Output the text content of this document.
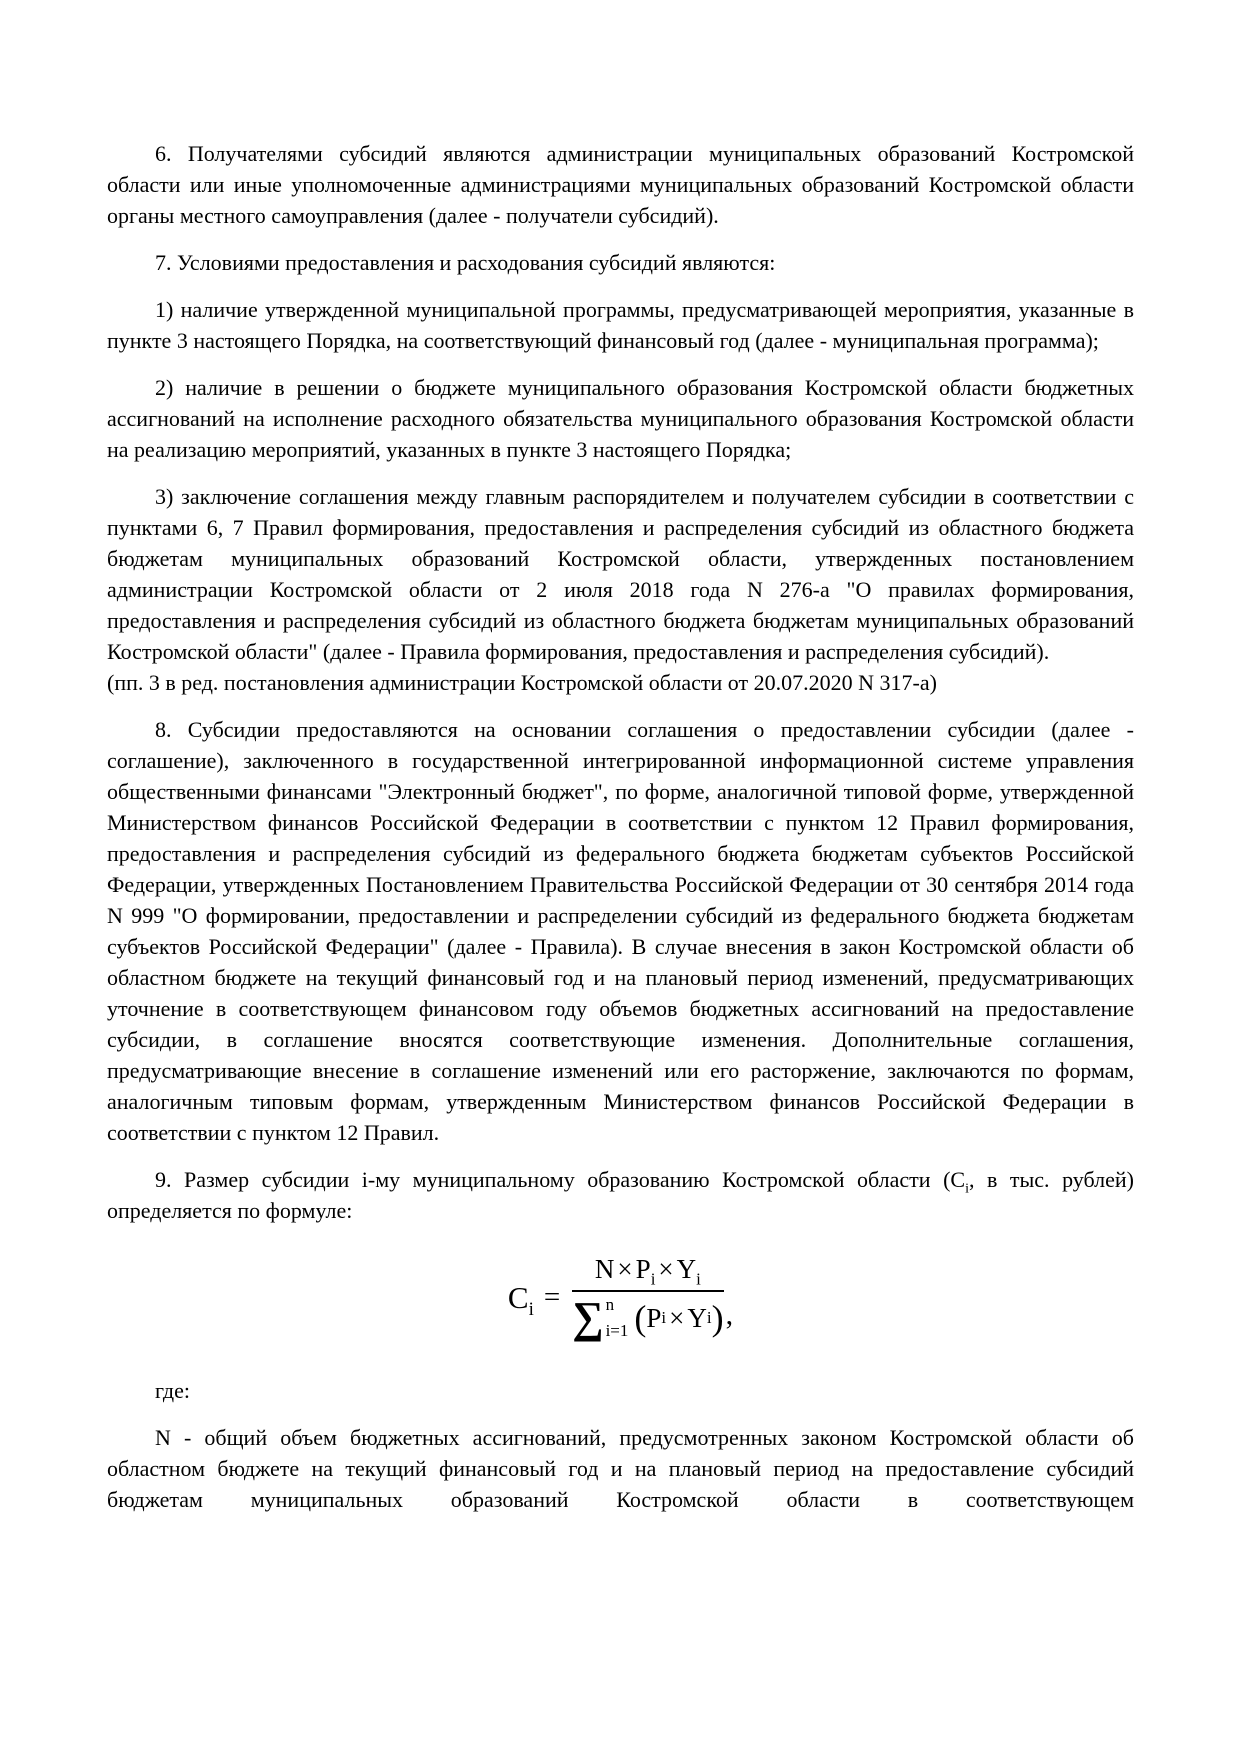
6. Получателями субсидий являются администрации муниципальных образований Костромской области или иные уполномоченные администрациями муниципальных образований Костромской области органы местного самоуправления (далее - получатели субсидий).

7. Условиями предоставления и расходования субсидий являются:

1) наличие утвержденной муниципальной программы, предусматривающей мероприятия, указанные в пункте 3 настоящего Порядка, на соответствующий финансовый год (далее - муниципальная программа);

2) наличие в решении о бюджете муниципального образования Костромской области бюджетных ассигнований на исполнение расходного обязательства муниципального образования Костромской области на реализацию мероприятий, указанных в пункте 3 настоящего Порядка;

3) заключение соглашения между главным распорядителем и получателем субсидии в соответствии с пунктами 6, 7 Правил формирования, предоставления и распределения субсидий из областного бюджета бюджетам муниципальных образований Костромской области, утвержденных постановлением администрации Костромской области от 2 июля 2018 года N 276-а "О правилах формирования, предоставления и распределения субсидий из областного бюджета бюджетам муниципальных образований Костромской области" (далее - Правила формирования, предоставления и распределения субсидий).

(пп. 3 в ред. постановления администрации Костромской области от 20.07.2020 N 317-а)

8. Субсидии предоставляются на основании соглашения о предоставлении субсидии (далее - соглашение), заключенного в государственной интегрированной информационной системе управления общественными финансами "Электронный бюджет", по форме, аналогичной типовой форме, утвержденной Министерством финансов Российской Федерации в соответствии с пунктом 12 Правил формирования, предоставления и распределения субсидий из федерального бюджета бюджетам субъектов Российской Федерации, утвержденных Постановлением Правительства Российской Федерации от 30 сентября 2014 года N 999 "О формировании, предоставлении и распределении субсидий из федерального бюджета бюджетам субъектов Российской Федерации" (далее - Правила). В случае внесения в закон Костромской области об областном бюджете на текущий финансовый год и на плановый период изменений, предусматривающих уточнение в соответствующем финансовом году объемов бюджетных ассигнований на предоставление субсидии, в соглашение вносятся соответствующие изменения. Дополнительные соглашения, предусматривающие внесение в соглашение изменений или его расторжение, заключаются по формам, аналогичным типовым формам, утвержденным Министерством финансов Российской Федерации в соответствии с пунктом 12 Правил.

9. Размер субсидии i-му муниципальному образованию Костромской области ($C_i$, в тыс. рублей) определяется по формуле:

$C_i = N \times P_i \times Y_i$
∑ n
i=1 ( P i × Y i ) ,

где:

N - общий объем бюджетных ассигнований, предусмотренных законом Костромской области об областном бюджете на текущий финансовый год и на плановый период на предоставление субсидий бюджетам муниципальных образований Костромской области в соответствующем
